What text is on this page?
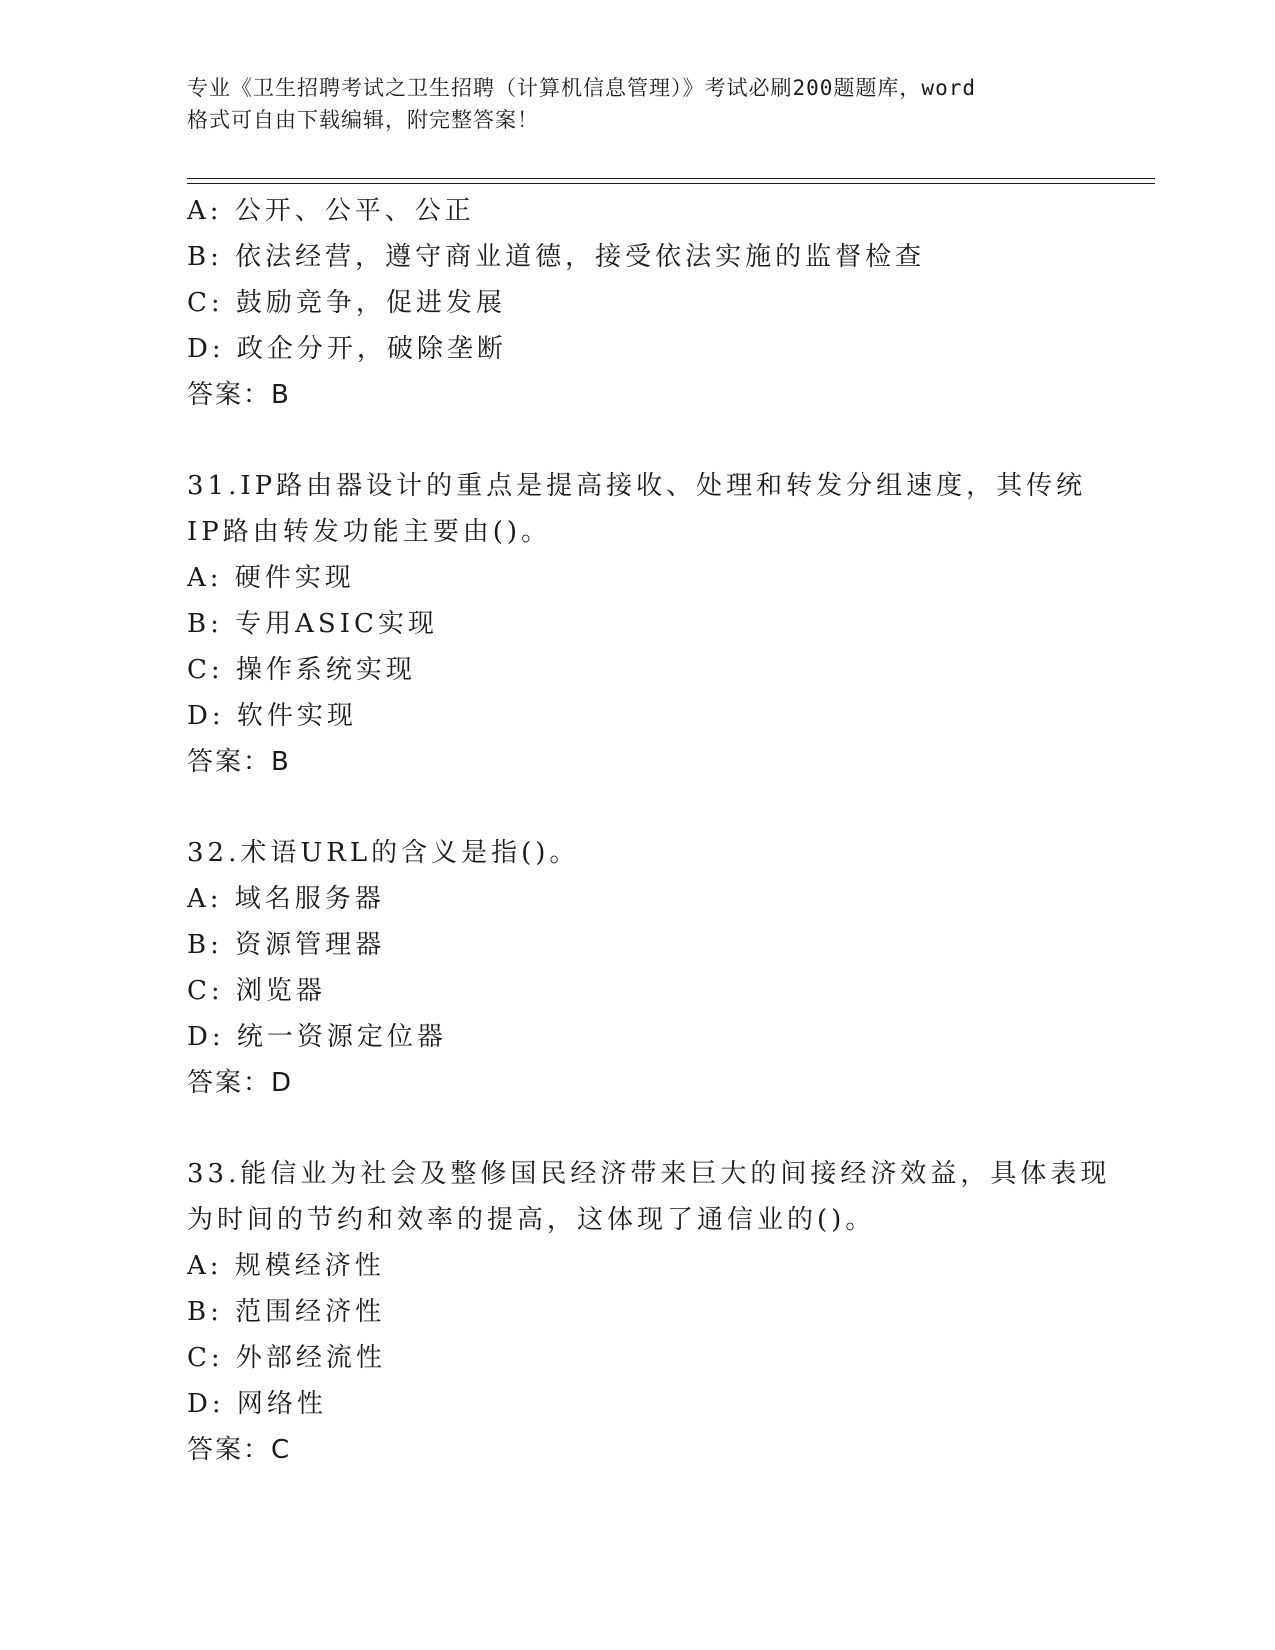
专业《卫生招聘考试之卫生招聘（计算机信息管理）》考试必刷200题题库，word
格式可自由下载编辑，附完整答案！
A: 公开、公平、公正
B: 依法经营，遵守商业道德，接受依法实施的监督检查
C: 鼓励竞争，促进发展
D: 政企分开，破除垄断
答案：B
31.IP路由器设计的重点是提高接收、处理和转发分组速度，其传统
IP路由转发功能主要由()。
A: 硬件实现
B: 专用ASIC实现
C: 操作系统实现
D: 软件实现
答案：B
32.术语URL的含义是指()。
A: 域名服务器
B: 资源管理器
C: 浏览器
D: 统一资源定位器
答案：D
33.能信业为社会及整修国民经济带来巨大的间接经济效益，具体表现
为时间的节约和效率的提高，这体现了通信业的()。
A: 规模经济性
B: 范围经济性
C: 外部经流性
D: 网络性
答案：C
